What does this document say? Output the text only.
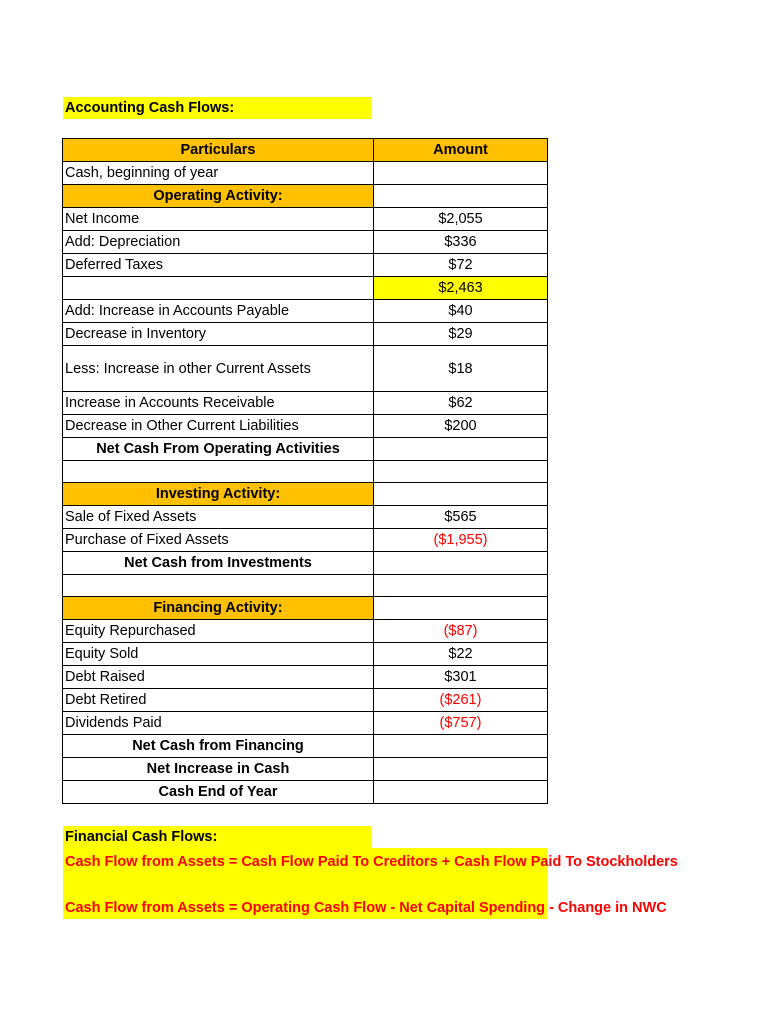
Accounting Cash Flows:
Particulars	Amount
Cash, beginning of year	
Operating Activity:	
Net Income	$2,055
Add: Depreciation	$336
Deferred Taxes	$72
	$2,463
Add: Increase in Accounts Payable	$40
Decrease in Inventory	$29
Less: Increase in other Current Assets	$18
Increase in Accounts Receivable	$62
Decrease in Other Current Liabilities	$200
Net Cash From Operating Activities	

Investing Activity:	
Sale of Fixed Assets	$565
Purchase of Fixed Assets	($1,955)
Net Cash from Investments	

Financing Activity:	
Equity Repurchased	($87)
Equity Sold	$22
Debt Raised	$301
Debt Retired	($261)
Dividends Paid	($757)
Net Cash from Financing	
Net Increase in Cash	
Cash End of Year	
Financial Cash Flows:
Cash Flow from Assets = Cash Flow Paid To Creditors + Cash Flow Paid To Stockholders
Cash Flow from Assets = Operating Cash Flow - Net Capital Spending - Change in NWC
